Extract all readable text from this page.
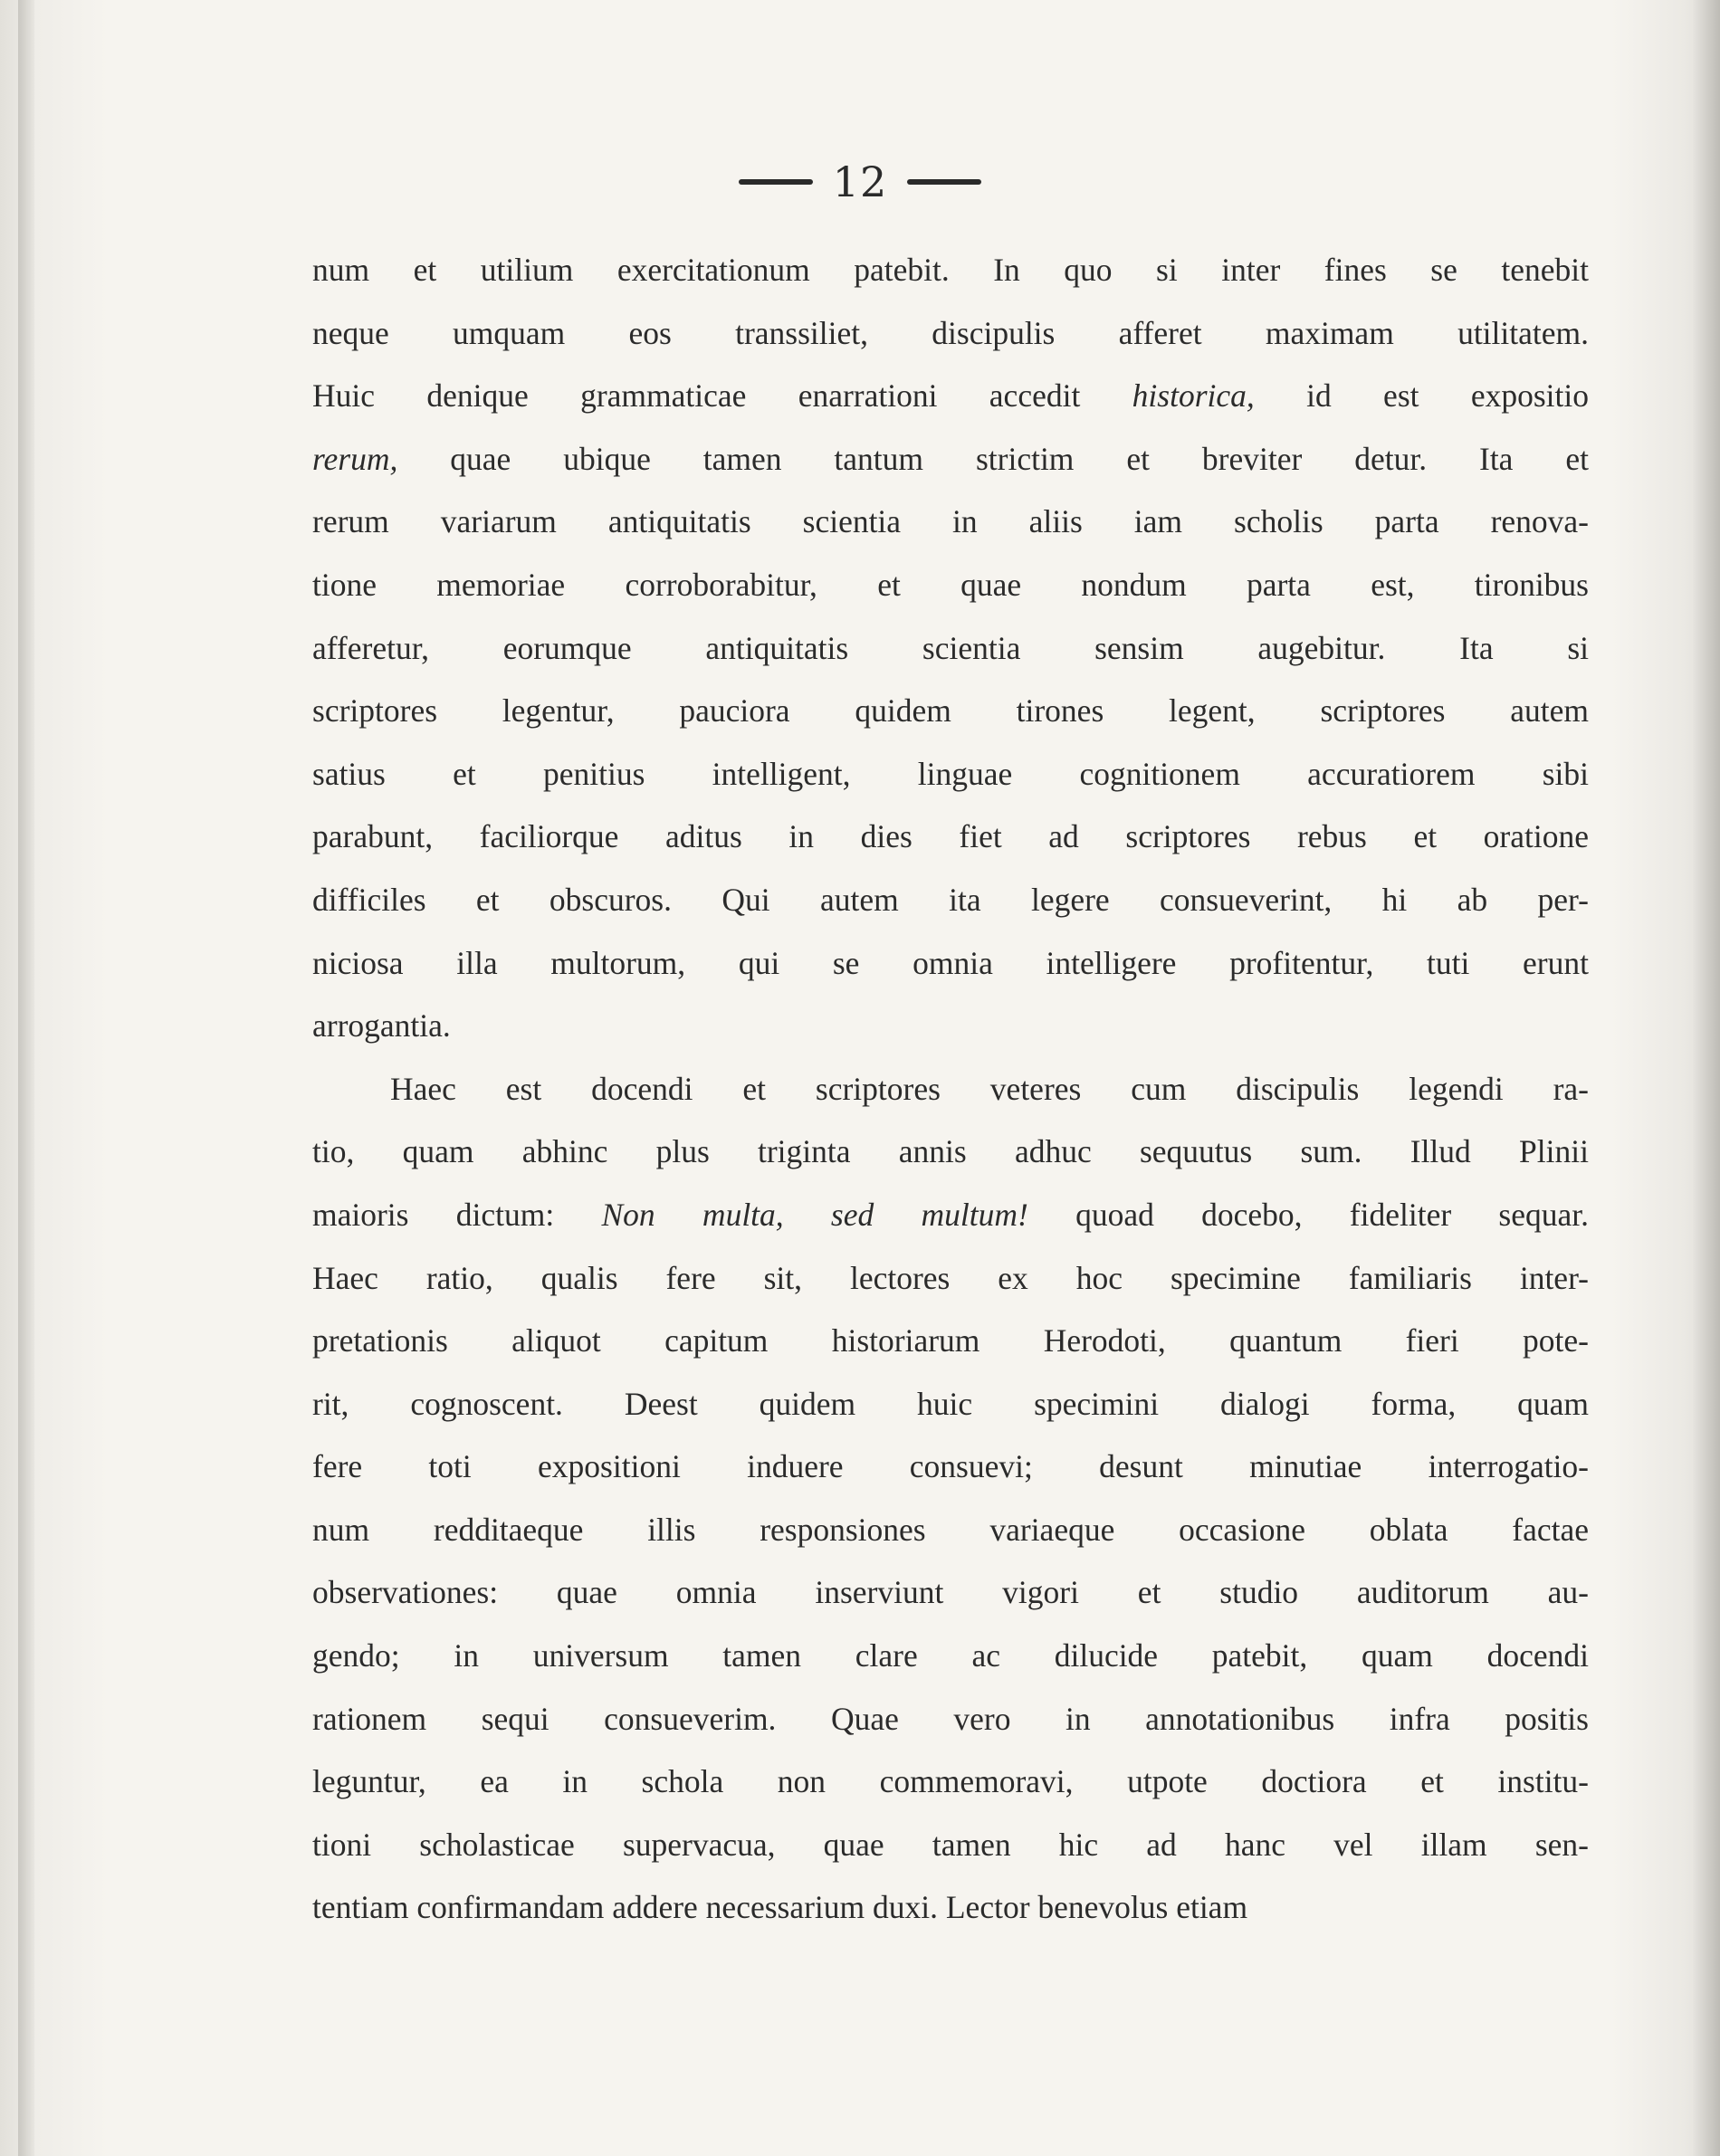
12
num et utilium exercitationum patebit. In quo si inter fines se tenebit
neque umquam eos transsiliet, discipulis afferet maximam utilitatem.
Huic denique grammaticae enarrationi accedit historica, id est expositio
rerum, quae ubique tamen tantum strictim et breviter detur. Ita et
rerum variarum antiquitatis scientia in aliis iam scholis parta renova-
tione memoriae corroborabitur, et quae nondum parta est, tironibus
afferetur, eorumque antiquitatis scientia sensim augebitur. Ita si
scriptores legentur, pauciora quidem tirones legent, scriptores autem
satius et penitius intelligent, linguae cognitionem accuratiorem sibi
parabunt, faciliorque aditus in dies fiet ad scriptores rebus et oratione
difficiles et obscuros. Qui autem ita legere consueverint, hi ab per-
niciosa illa multorum, qui se omnia intelligere profitentur, tuti erunt
arrogantia.
Haec est docendi et scriptores veteres cum discipulis legendi ra-
tio, quam abhinc plus triginta annis adhuc sequutus sum. Illud Plinii
maioris dictum: Non multa, sed multum! quoad docebo, fideliter sequar.
Haec ratio, qualis fere sit, lectores ex hoc specimine familiaris inter-
pretationis aliquot capitum historiarum Herodoti, quantum fieri pote-
rit, cognoscent. Deest quidem huic specimini dialogi forma, quam
fere toti expositioni induere consuevi; desunt minutiae interrogatio-
num redditaeque illis responsiones variaeque occasione oblata factae
observationes: quae omnia inserviunt vigori et studio auditorum au-
gendo; in universum tamen clare ac dilucide patebit, quam docendi
rationem sequi consueverim. Quae vero in annotationibus infra positis
leguntur, ea in schola non commemoravi, utpote doctiora et institu-
tioni scholasticae supervacua, quae tamen hic ad hanc vel illam sen-
tentiam confirmandam addere necessarium duxi. Lector benevolus etiam
